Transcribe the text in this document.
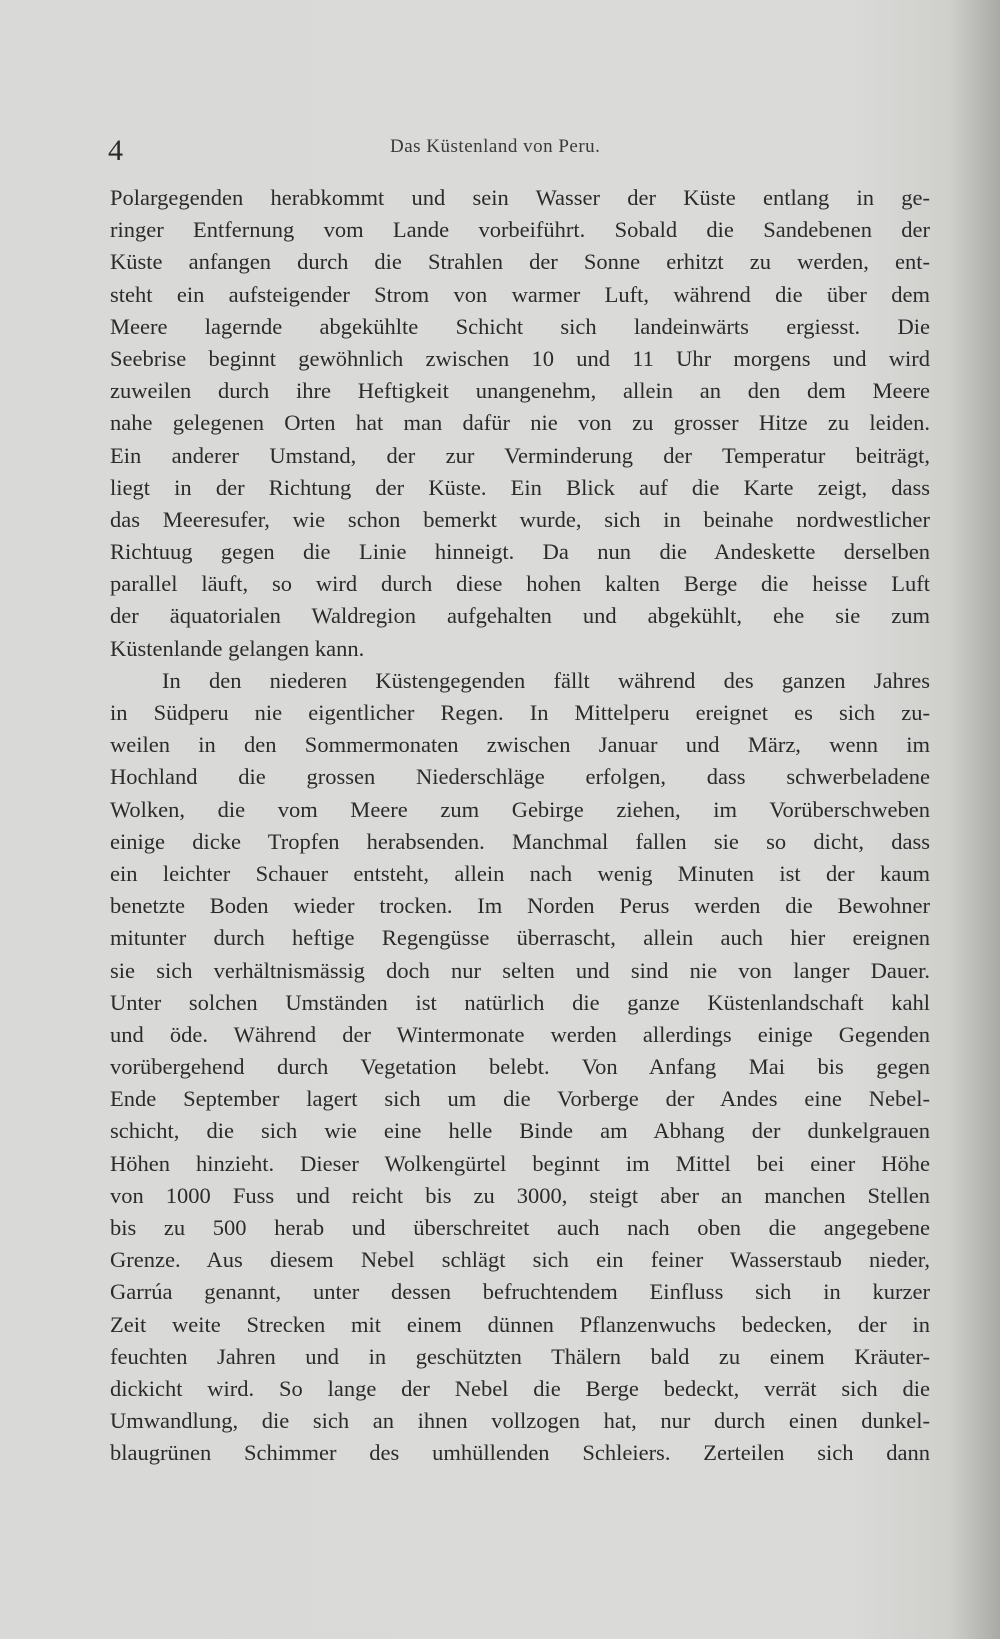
4	Das Küstenland von Peru.
Polargegenden herabkommt und sein Wasser der Küste entlang in ge-
ringer Entfernung vom Lande vorbeiführt. Sobald die Sandebenen der
Küste anfangen durch die Strahlen der Sonne erhitzt zu werden, ent-
steht ein aufsteigender Strom von warmer Luft, während die über dem
Meere lagernde abgekühlte Schicht sich landeinwärts ergiesst. Die
Seebrise beginnt gewöhnlich zwischen 10 und 11 Uhr morgens und wird
zuweilen durch ihre Heftigkeit unangenehm, allein an den dem Meere
nahe gelegenen Orten hat man dafür nie von zu grosser Hitze zu leiden.
Ein anderer Umstand, der zur Verminderung der Temperatur beiträgt,
liegt in der Richtung der Küste. Ein Blick auf die Karte zeigt, dass
das Meeresufer, wie schon bemerkt wurde, sich in beinahe nordwestlicher
Richtuug gegen die Linie hinneigt. Da nun die Andeskette derselben
parallel läuft, so wird durch diese hohen kalten Berge die heisse Luft
der äquatorialen Waldregion aufgehalten und abgekühlt, ehe sie zum
Küstenlande gelangen kann.
In den niederen Küstengegenden fällt während des ganzen Jahres
in Südperu nie eigentlicher Regen. In Mittelperu ereignet es sich zu-
weilen in den Sommermonaten zwischen Januar und März, wenn im
Hochland die grossen Niederschläge erfolgen, dass schwerbeladene
Wolken, die vom Meere zum Gebirge ziehen, im Vorüberschweben
einige dicke Tropfen herabsenden. Manchmal fallen sie so dicht, dass
ein leichter Schauer entsteht, allein nach wenig Minuten ist der kaum
benetzte Boden wieder trocken. Im Norden Perus werden die Bewohner
mitunter durch heftige Regengüsse überrascht, allein auch hier ereignen
sie sich verhältnismässig doch nur selten und sind nie von langer Dauer.
Unter solchen Umständen ist natürlich die ganze Küstenlandschaft kahl
und öde. Während der Wintermonate werden allerdings einige Gegenden
vorübergehend durch Vegetation belebt. Von Anfang Mai bis gegen
Ende September lagert sich um die Vorberge der Andes eine Nebel-
schicht, die sich wie eine helle Binde am Abhang der dunkelgrauen
Höhen hinzieht. Dieser Wolkengürtel beginnt im Mittel bei einer Höhe
von 1000 Fuss und reicht bis zu 3000, steigt aber an manchen Stellen
bis zu 500 herab und überschreitet auch nach oben die angegebene
Grenze. Aus diesem Nebel schlägt sich ein feiner Wasserstaub nieder,
Garrúa genannt, unter dessen befruchtendem Einfluss sich in kurzer
Zeit weite Strecken mit einem dünnen Pflanzenwuchs bedecken, der in
feuchten Jahren und in geschützten Thälern bald zu einem Kräuter-
dickicht wird. So lange der Nebel die Berge bedeckt, verrät sich die
Umwandlung, die sich an ihnen vollzogen hat, nur durch einen dunkel-
blaugrünen Schimmer des umhüllenden Schleiers. Zerteilen sich dann
